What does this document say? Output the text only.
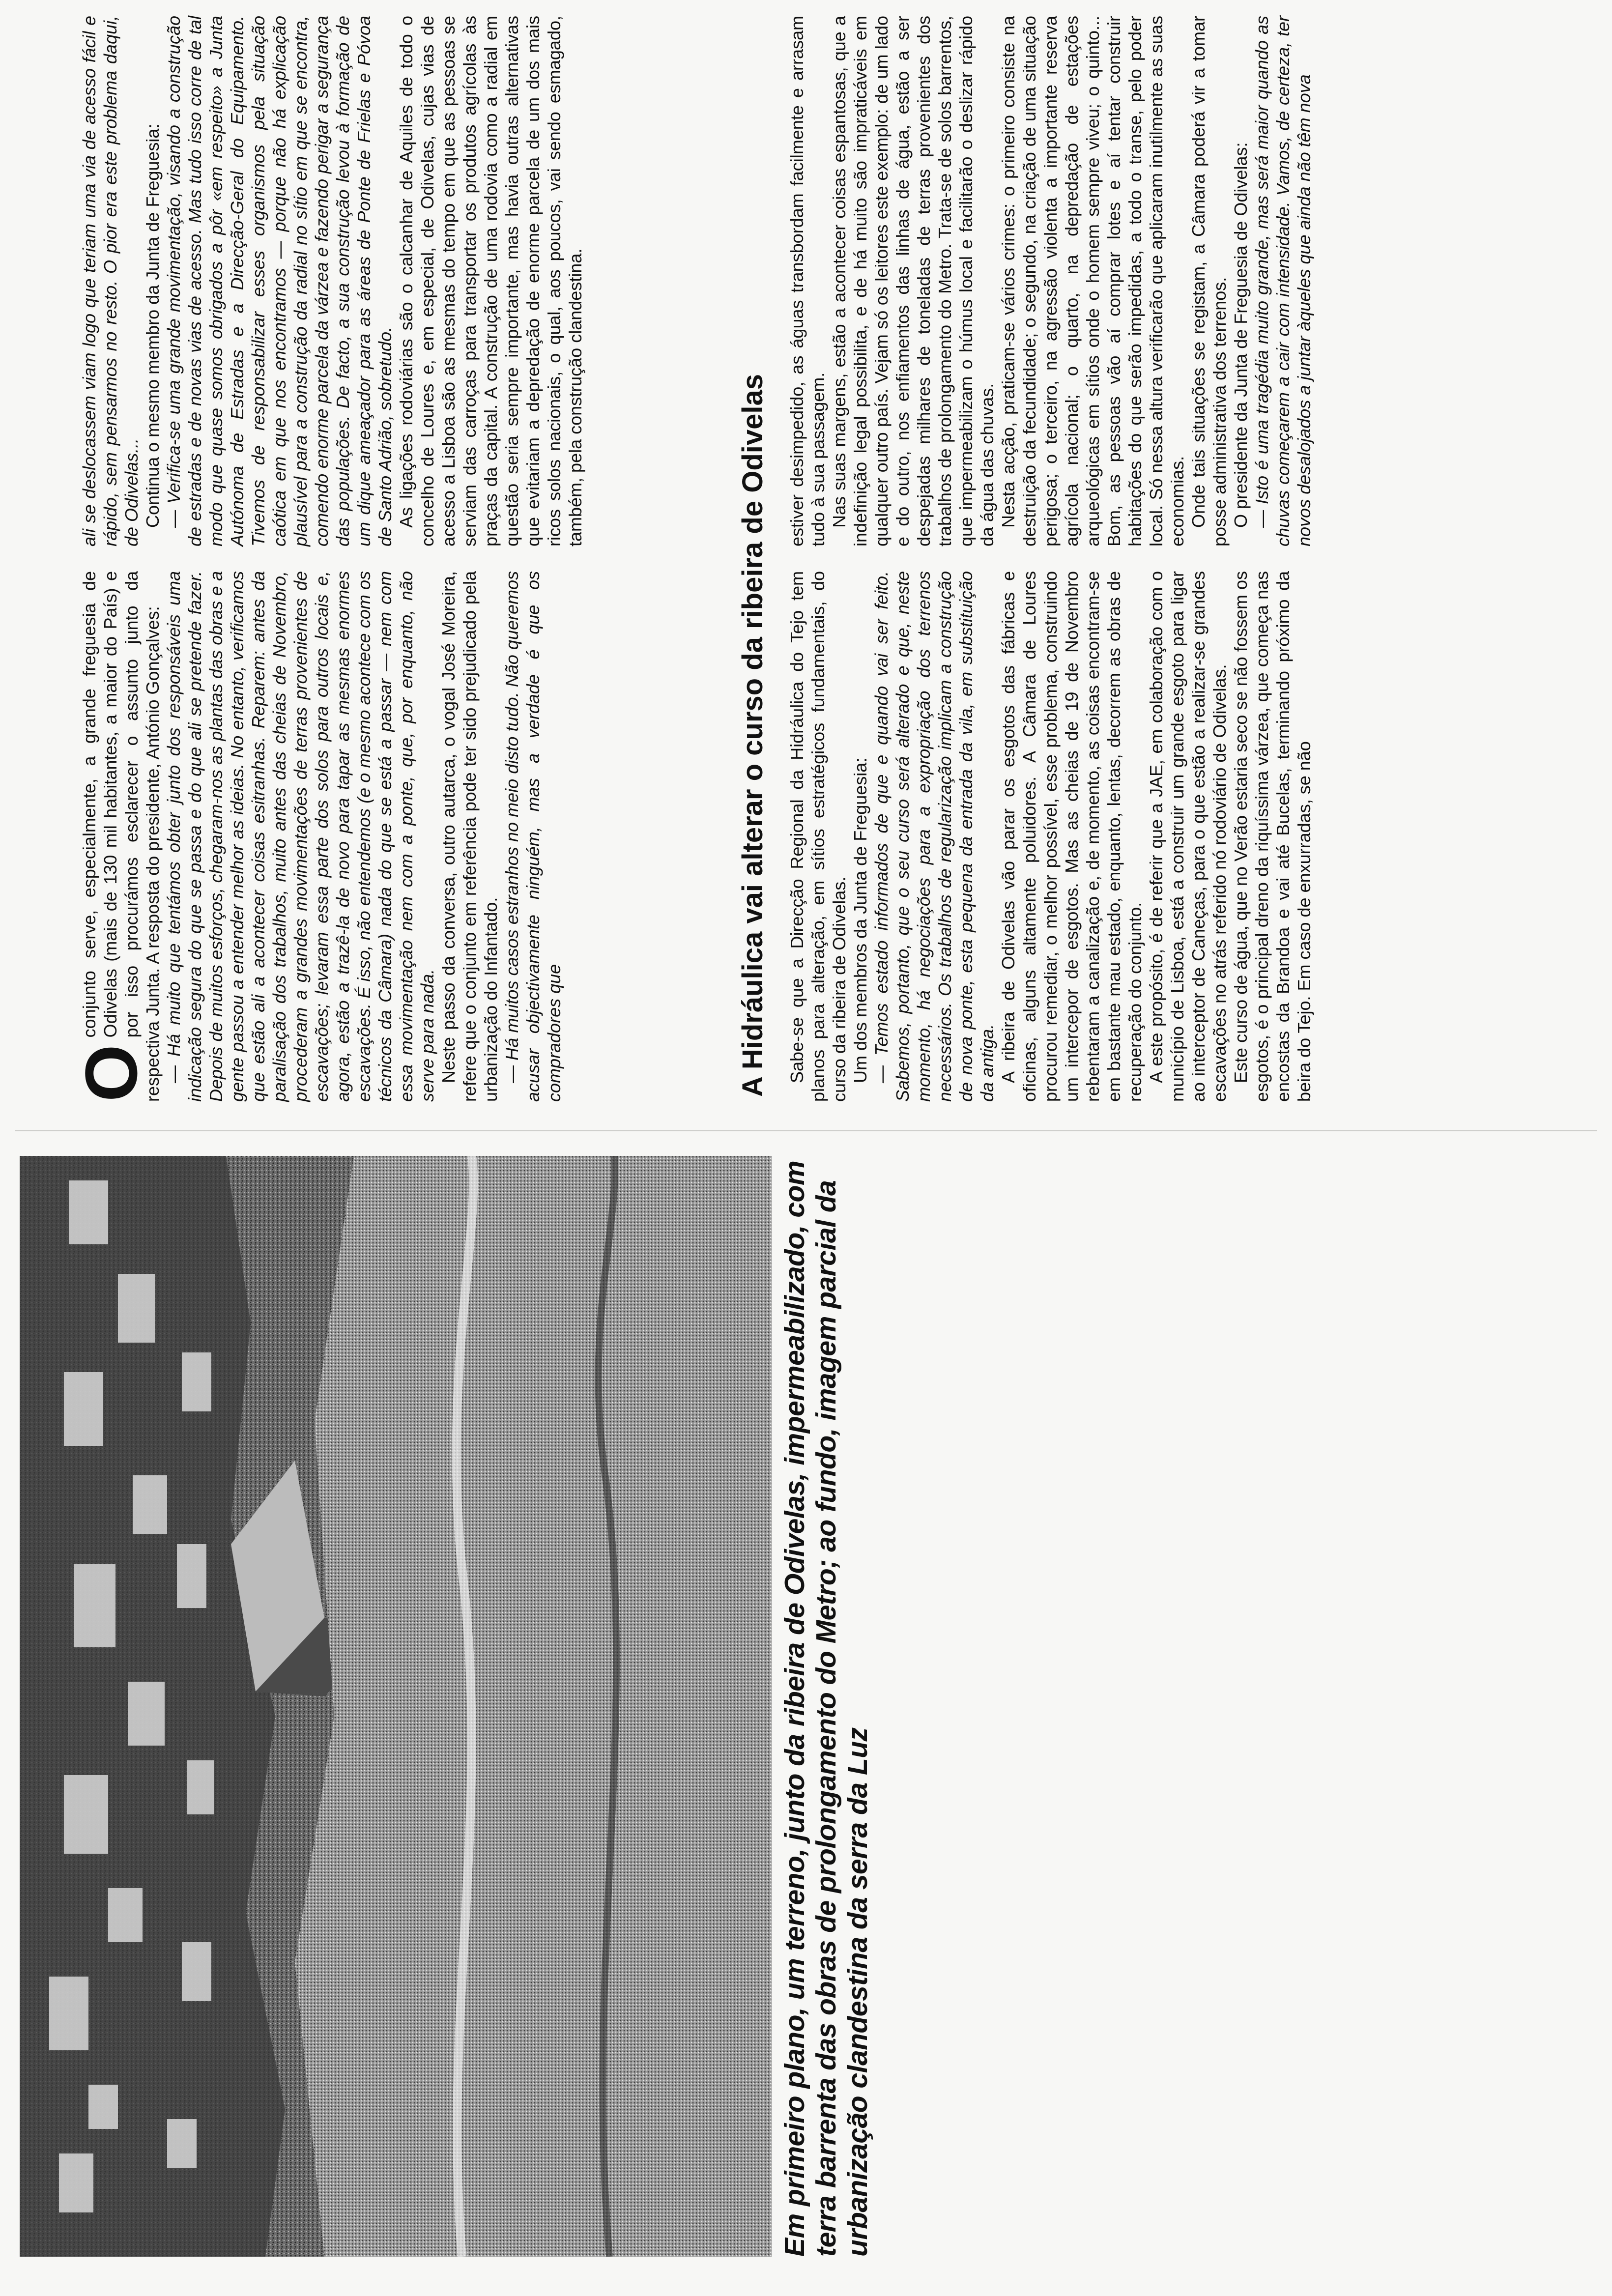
Em primeiro plano, um terreno, junto da ribeira de Odivelas, impermeabilizado, com terra barrenta das obras de prolongamento do Metro; ao fundo, imagem parcial da urbanização clandestina da serra da Luz
O

conjunto serve, especialmente, a grande freguesia de Odivelas (mais de 130 mil habitantes, a maior do País) e por isso procurámos esclarecer o assunto junto da respectiva Junta. A resposta do presidente, António Gonçalves: — Há muito que tentámos obter junto dos responsáveis uma indicação segura do que se passa e do que ali se pretende fazer. Depois de muitos esforços, chegaram-nos as plantas das obras e a gente passou a entender melhor as ideias. No entanto, verificamos que estão ali a acontecer coisas esitranhas. Reparem: antes da paralisação dos trabalhos, muito antes das cheias de Novembro, procederam a grandes movimentações de terras provenientes de escavações; levaram essa parte dos solos para outros locais e, agora, estão a trazê-la de novo para tapar as mesmas enormes escavações. É isso, não entendemos (e o mesmo acontece com os técnicos da Câmara) nada do que se está a passar — nem com essa movimentação nem com a ponte, que, por enquanto, não serve para nada. Neste passo da conversa, outro autarca, o vogal José Moreira, refere que o conjunto em referência pode ter sido prejudicado pela urbanização do Infantado. — Há muitos casos estranhos no meio disto tudo. Não queremos acusar objectivamente ninguém, mas a verdade é que os compradores que

ali se deslocassem viam logo que teriam uma via de acesso fácil e rápido, sem pensarmos no resto. O pior era este problema daqui, de Odivelas... Continua o mesmo membro da Junta de Freguesia: — Verifica-se uma grande movimentação, visando a construção de estradas e de novas vias de acesso. Mas tudo isso corre de tal modo que quase somos obrigados a pôr «em respeito» a Junta Autónoma de Estradas e a Direcção-Geral do Equipamento. Tivemos de responsabilizar esses organismos pela situação caótica em que nos encontramos — porque não há explicação plausível para a construção da radial no sítio em que se encontra, comendo enorme parcela da várzea e fazendo perigar a segurança das populações. De facto, a sua construção levou à formação de um dique ameaçador para as áreas de Ponte de Frielas e Póvoa de Santo Adrião, sobretudo. As ligações rodoviárias são o calcanhar de Aquiles de todo o concelho de Loures e, em especial, de Odivelas, cujas vias de acesso a Lisboa são as mesmas do tempo em que as pessoas se serviam das carroças para transportar os produtos agrícolas às praças da capital. A construção de uma rodovia como a radial em questão seria sempre importante, mas havia outras alternativas que evitariam a depredação de enorme parcela de um dos mais ricos solos nacionais, o qual, aos poucos, vai sendo esmagado, também, pela construção clandestina.	A Hidráulica vai alterar o curso da ribeira de Odivelas Sabe-se que a Direcção Regional da Hidráulica do Tejo tem planos para alteração, em sítios estratégicos fundamentais, do curso da ribeira de Odivelas. Um dos membros da Junta de Freguesia: — Temos estado informados de que e quando vai ser feito. Sabemos, portanto, que o seu curso será alterado e que, neste momento, há negociações para a expropriação dos terrenos necessários. Os trabalhos de regularização implicam a construção de nova ponte, esta pequena da entrada da vila, em substituição da antiga. A ribeira de Odivelas vão parar os esgotos das fábricas e oficinas, alguns altamente poluidores. A Câmara de Loures procurou remediar, o melhor possível, esse problema, construindo um intercepor de esgotos. Mas as cheias de 19 de Novembro rebentaram a canalização e, de momento, as coisas encontram-se em bastante mau estado, enquanto, lentas, decorrem as obras de recuperação do conjunto. A este propósito, é de referir que a JAE, em colaboração com o município de Lisboa, está a construir um grande esgoto para ligar ao interceptor de Caneças, para o que estão a realizar-se grandes escavações no atrás referido nó rodoviário de Odivelas. Este curso de água, que no Verão estaria seco se não fossem os esgotos, é o principal dreno da riquíssima várzea, que começa nas encostas da Brandoa e vai até Bucelas, terminando próximo da beira do Tejo. Em caso de enxurradas, se não

estiver desimpedido, as águas transbordam facilmente e arrasam tudo à sua passagem. Nas suas margens, estão a acontecer coisas espantosas, que a indefinição legal possibilita, e de há muito são impraticáveis em qualquer outro país. Vejam só os leitores este exemplo: de um lado e do outro, nos enfiamentos das linhas de água, estão a ser despejadas milhares de toneladas de terras provenientes dos trabalhos de prolongamento do Metro. Trata-se de solos barrentos, que impermeabilizam o húmus local e facilitarão o deslizar rápido da água das chuvas. Nesta acção, praticam-se vários crimes: o primeiro consiste na destruição da fecundidade; o segundo, na criação de uma situação perigosa; o terceiro, na agressão violenta a importante reserva agrícola nacional; o quarto, na depredação de estações arqueológicas em sítios onde o homem sempre viveu; o quinto... Bom, as pessoas vão aí comprar lotes e aí tentar construir habitações do que serão impedidas, a todo o transe, pelo poder local. Só nessa altura verificarão que aplicaram inutilmente as suas economias. Onde tais situações se registam, a Câmara poderá vir a tomar posse administrativa dos terrenos. O presidente da Junta de Freguesia de Odivelas: — Isto é uma tragédia muito grande, mas será maior quando as chuvas começarem a cair com intensidade. Vamos, de certeza, ter novos desalojados a juntar àqueles que ainda não têm nova
